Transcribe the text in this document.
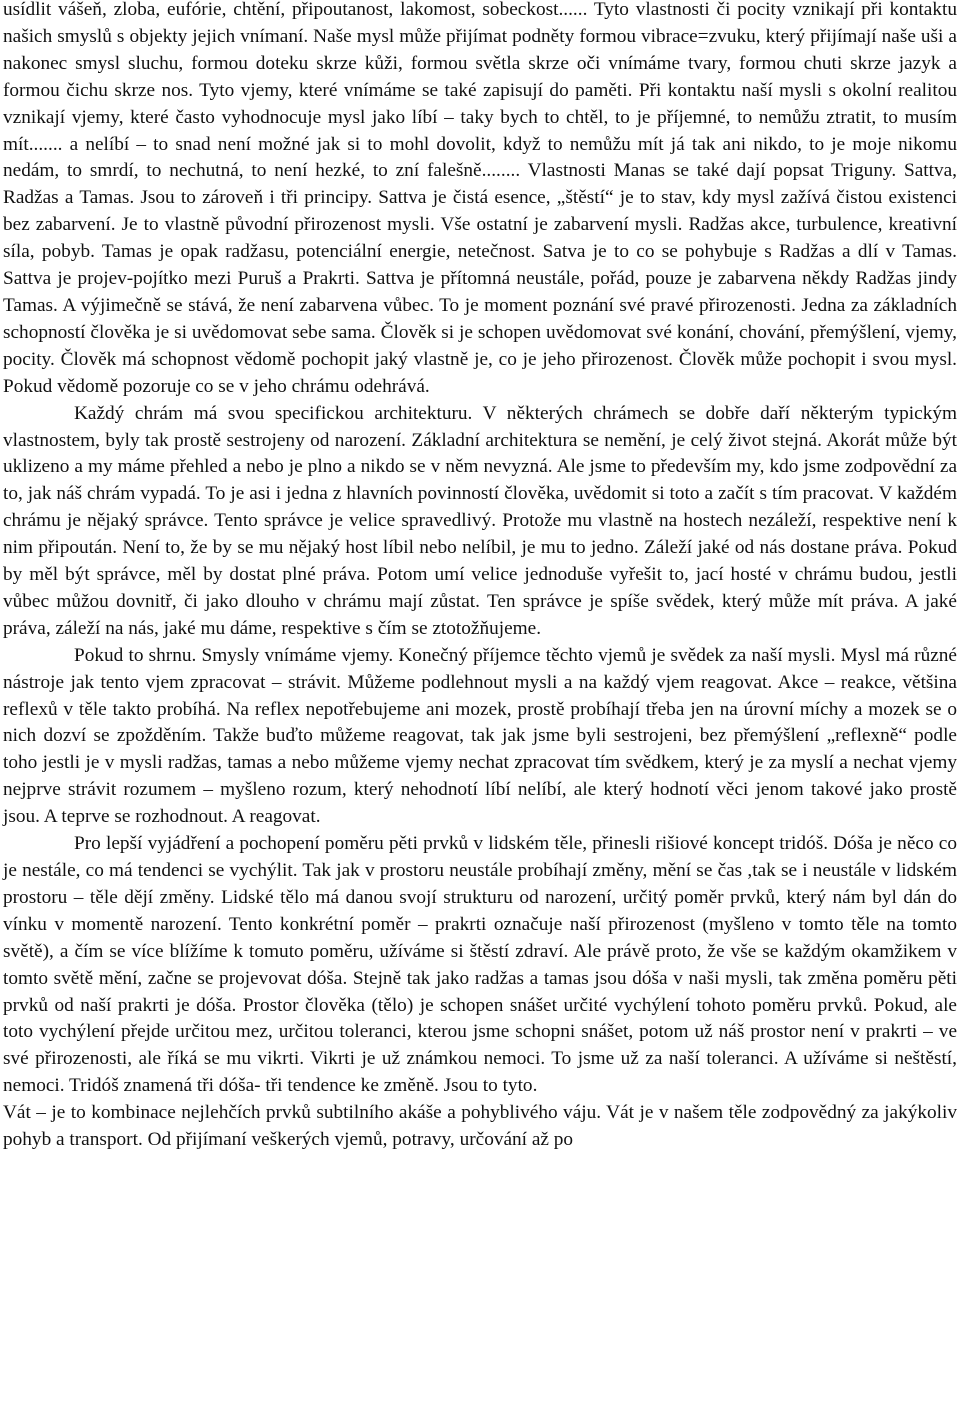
usídlit vášeň, zloba, eufórie, chtění, připoutanost, lakomost, sobeckost...... Tyto vlastnosti či pocity vznikají při kontaktu našich smyslů s objekty jejich vnímaní. Naše mysl může přijímat podněty formou vibrace=zvuku, který přijímají naše uši a nakonec smysl sluchu, formou doteku skrze kůži, formou světla skrze oči vnímáme tvary, formou chuti skrze jazyk a formou čichu skrze nos. Tyto vjemy, které vnímáme se také zapisují do paměti. Při kontaktu naší mysli s okolní realitou vznikají vjemy, které často vyhodnocuje mysl jako líbí – taky bych to chtěl, to je příjemné, to nemůžu ztratit, to musím mít....... a nelíbí – to snad není možné jak si to mohl dovolit, když to nemůžu mít já tak ani nikdo, to je moje nikomu nedám, to smrdí, to nechutná, to není hezké, to zní falešně........ Vlastnosti Manas se také dají popsat Triguny. Sattva, Radžas a Tamas. Jsou to zároveň i tři principy. Sattva je čistá esence, „štěstí“ je to stav, kdy mysl zažívá čistou existenci bez zabarvení. Je to vlastně původní přirozenost mysli. Vše ostatní je zabarvení mysli. Radžas akce, turbulence, kreativní síla, pobyb. Tamas je opak radžasu, potenciální energie, netečnost. Satva je to co se pohybuje s Radžas a dlí v Tamas. Sattva je projev-pojítko mezi Puruš a Prakrti. Sattva je přítomná neustále, pořád, pouze je zabarvena někdy Radžas jindy Tamas. A výjimečně se stává, že není zabarvena vůbec. To je moment poznání své pravé přirozenosti. Jedna za základních schopností člověka je si uvědomovat sebe sama. Člověk si je schopen uvědomovat své konání, chování, přemýšlení, vjemy, pocity. Člověk má schopnost vědomě pochopit jaký vlastně je, co je jeho přirozenost. Člověk může pochopit i svou mysl. Pokud vědomě pozoruje co se v jeho chrámu odehrává.

Každý chrám má svou specifickou architekturu. V některých chrámech se dobře daří některým typickým vlastnostem, byly tak prostě sestrojeny od narození. Základní architektura se nemění, je celý život stejná. Akorát může být uklizeno a my máme přehled a nebo je plno a nikdo se v něm nevyzná. Ale jsme to především my, kdo jsme zodpovědní za to, jak náš chrám vypadá. To je asi i jedna z hlavních povinností člověka, uvědomit si toto a začít s tím pracovat. V každém chrámu je nějaký správce. Tento správce je velice spravedlivý. Protože mu vlastně na hostech nezáleží, respektive není k nim připoután. Není to, že by se mu nějaký host líbil nebo nelíbil, je mu to jedno. Záleží jaké od nás dostane práva. Pokud by měl být správce, měl by dostat plné práva. Potom umí velice jednoduše vyřešit to, jací hosté v chrámu budou, jestli vůbec můžou dovnitř, či jako dlouho v chrámu mají zůstat. Ten správce je spíše svědek, který může mít práva. A jaké práva, záleží na nás, jaké mu dáme, respektive s čím se ztotožňujeme.

Pokud to shrnu. Smysly vnímáme vjemy. Konečný příjemce těchto vjemů je svědek za naší mysli. Mysl má různé nástroje jak tento vjem zpracovat – strávit. Můžeme podlehnout mysli a na každý vjem reagovat. Akce – reakce, většina reflexů v těle takto probíhá. Na reflex nepotřebujeme ani mozek, prostě probíhají třeba jen na úrovní míchy a mozek se o nich dozví se zpožděním. Takže buďto můžeme reagovat, tak jak jsme byli sestrojeni, bez přemýšlení „reflexně“ podle toho jestli je v mysli radžas, tamas a nebo můžeme vjemy nechat zpracovat tím svědkem, který je za myslí a nechat vjemy nejprve strávit rozumem – myšleno rozum, který nehodnotí líbí nelíbí, ale který hodnotí věci jenom takové jako prostě jsou. A teprve se rozhodnout. A reagovat.

Pro lepší vyjádření a pochopení poměru pěti prvků v lidském těle, přinesli rišiové koncept tridóš. Dóša je něco co je nestále, co má tendenci se vychýlit. Tak jak v prostoru neustále probíhají změny, mění se čas ,tak se i neustále v lidském prostoru – těle dějí změny. Lidské tělo má danou svojí strukturu od narození, určitý poměr prvků, který nám byl dán do vínku v momentě narození. Tento konkrétní poměr – prakrti označuje naší přirozenost (myšleno v tomto těle na tomto světě), a čím se více blížíme k tomuto poměru, užíváme si štěstí zdraví. Ale právě proto, že vše se každým okamžikem v tomto světě mění, začne se projevovat dóša. Stejně tak jako radžas a tamas jsou dóša v naši mysli, tak změna poměru pěti prvků od naší prakrti je dóša. Prostor člověka (tělo) je schopen snášet určité vychýlení tohoto poměru prvků. Pokud, ale toto vychýlení přejde určitou mez, určitou toleranci, kterou jsme schopni snášet, potom už náš prostor není v prakrti – ve své přirozenosti, ale říká se mu vikrti. Vikrti je už známkou nemoci. To jsme už za naší toleranci. A užíváme si neštěstí, nemoci. Tridóš znamená tři dóša- tři tendence ke změně. Jsou to tyto.

Vát – je to kombinace nejlehčích prvků subtilního akáše a pohyblivého váju. Vát je v našem těle zodpovědný za jakýkoliv pohyb a transport. Od přijímaní veškerých vjemů, potravy, určování až po
